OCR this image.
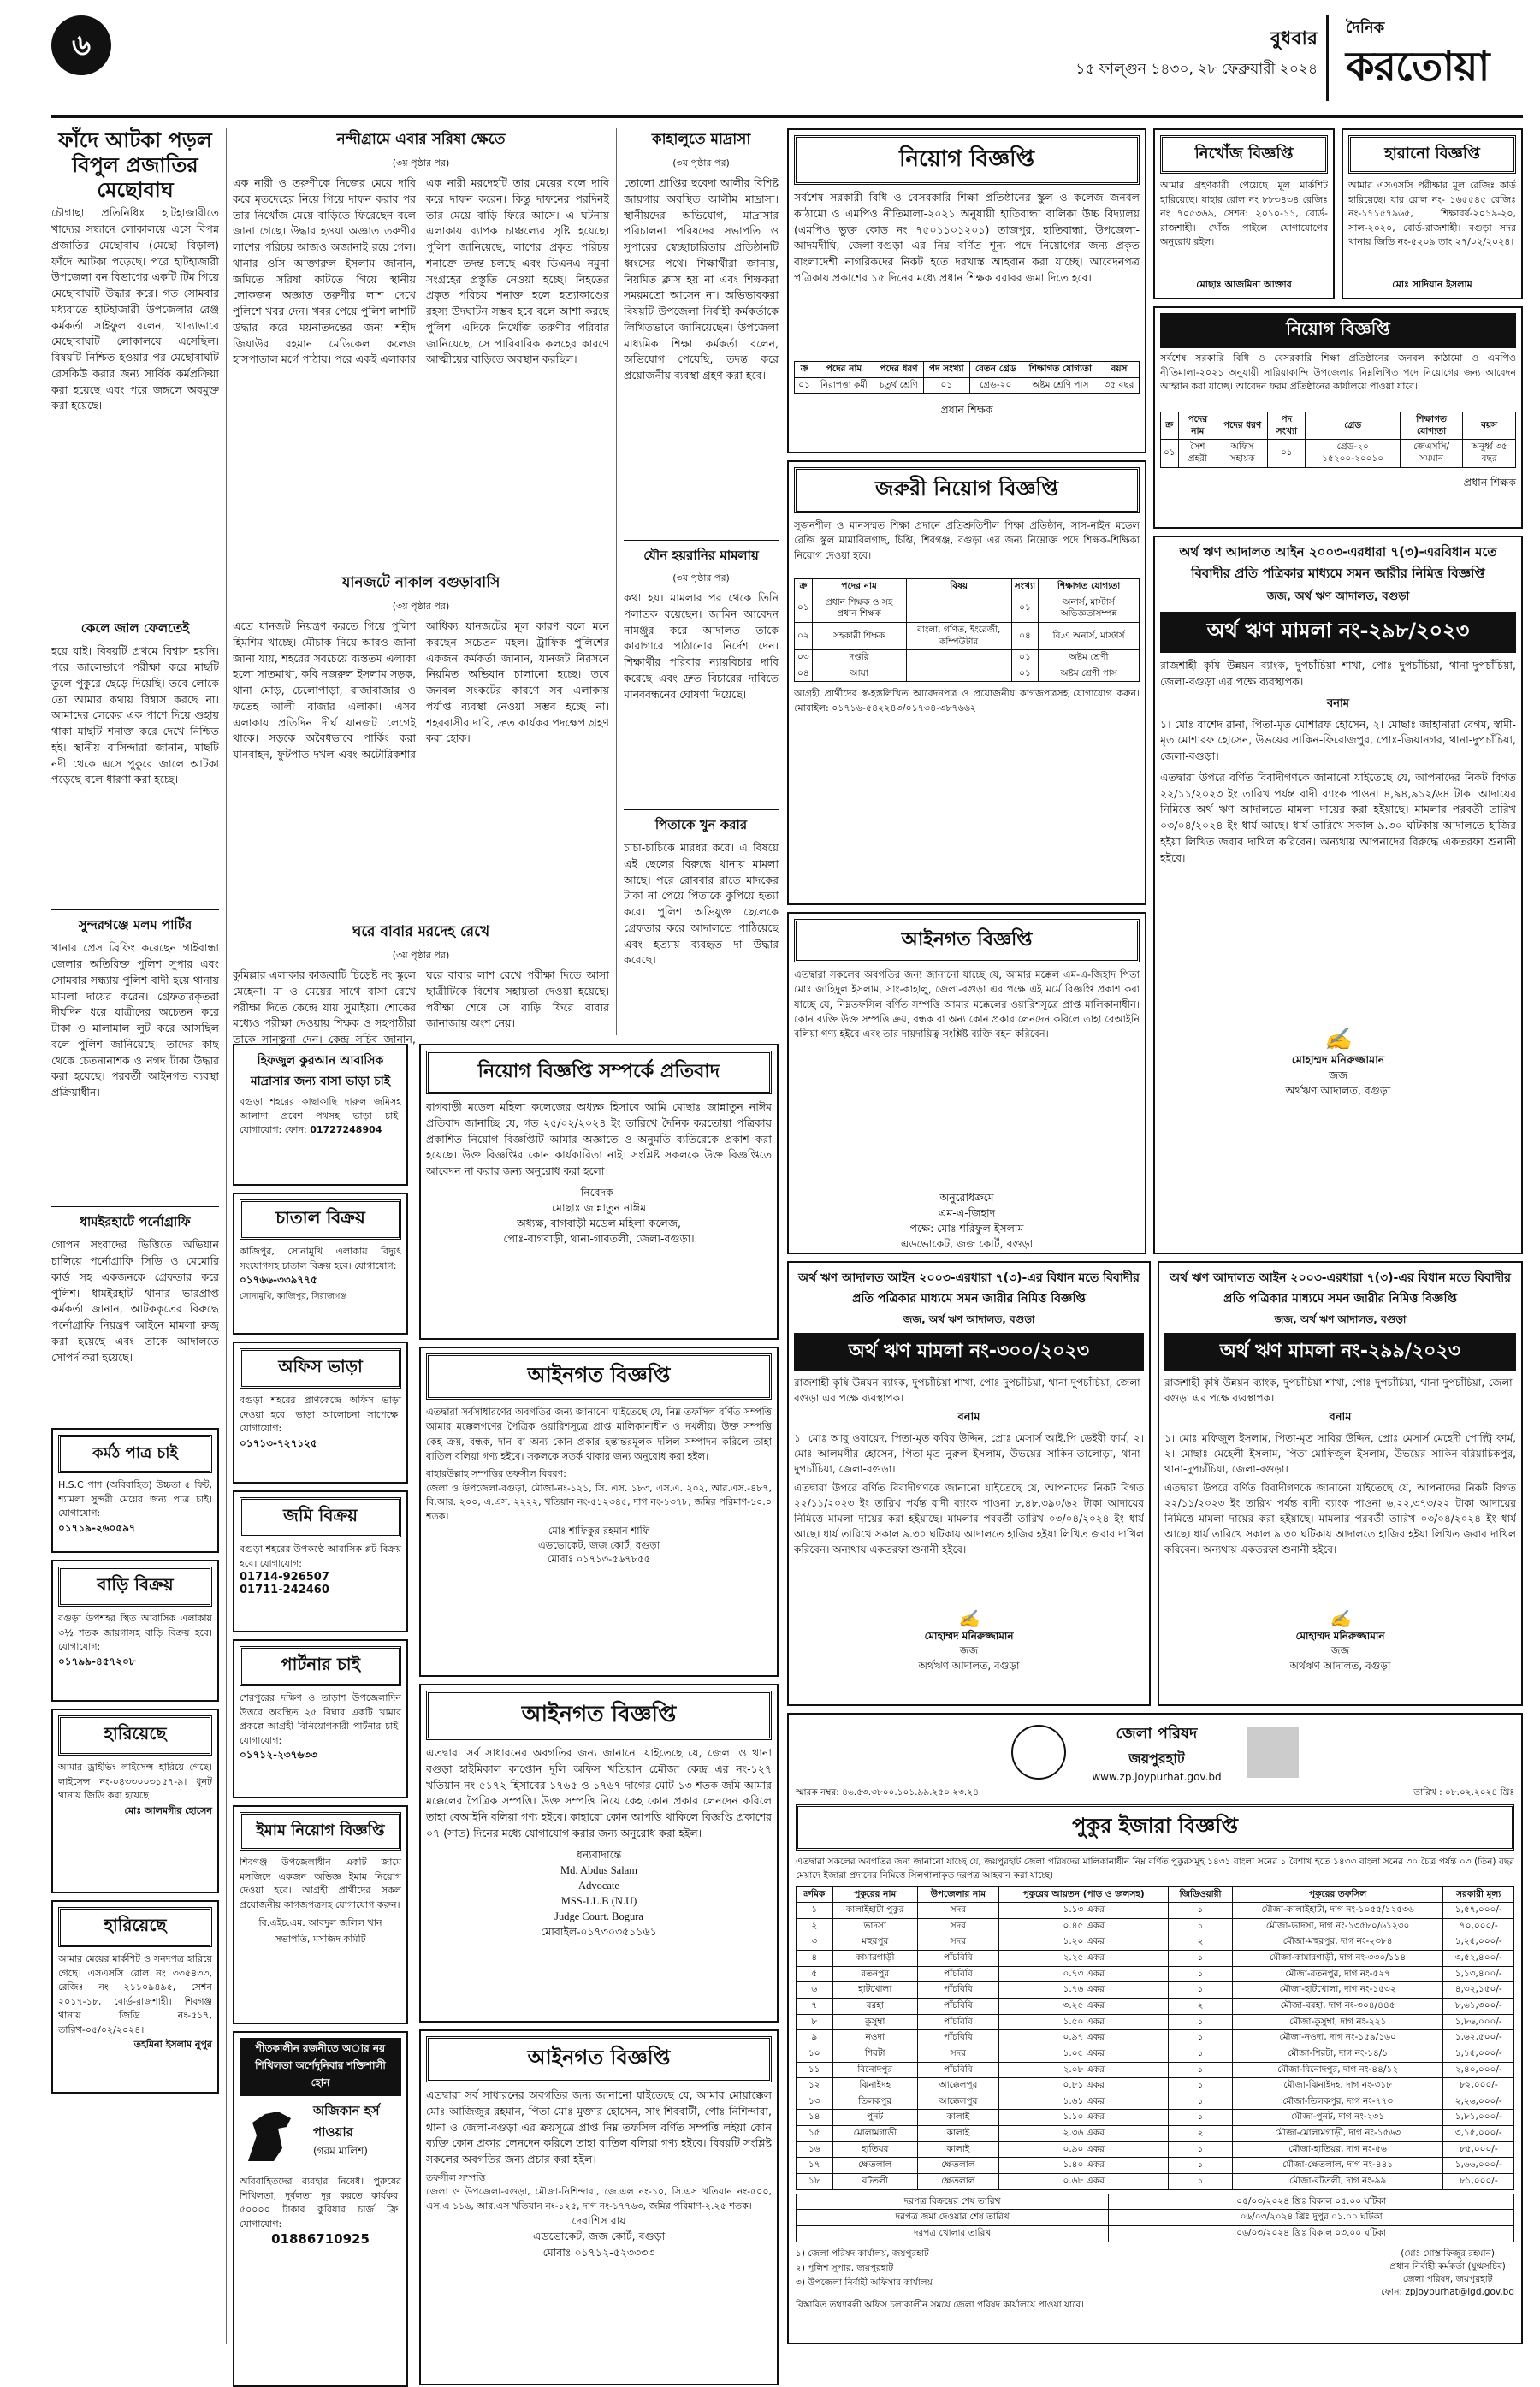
৬	বুধবার
১৫ ফাল্গুন ১৪৩০, ২৮ ফেব্রুয়ারী ২০২৪
দৈনিক
করতোয়া
ফাঁদে আটকা পড়ল বিপুল প্রজাতির মেছোবাঘ
চৌগাছা প্রতিনিধিঃ হাটহাজারীতে খাদ্যের সন্ধানে লোকালয়ে এসে বিপন্ন প্রজাতির মেছোবাঘ (মেছো বিড়াল) ফাঁদে আটকা পড়েছে। পরে হাটহাজারী উপজেলা বন বিভাগের একটি টিম গিয়ে মেছোবাঘটি উদ্ধার করে। গত সোমবার মধ্যরাতে হাটহাজারী উপজেলার রেঞ্জ কর্মকর্তা সাইফুল বলেন, খাদ্যাভাবে মেছোবাঘটি লোকালয়ে এসেছিল। বিষয়টি নিশ্চিত হওয়ার পর মেছোবাঘটি রেসকিউ করার জন্য সার্বিক কর্মপ্রক্রিয়া করা হয়েছে এবং পরে জঙ্গলে অবমুক্ত করা হয়েছে।
কেলে জাল ফেলতেই
হয়ে যাই। বিষয়টি প্রথমে বিশ্বাস হয়নি। পরে জালেভাগে পরীক্ষা করে মাছটি তুলে পুকুরে ছেড়ে দিয়েছি। তবে লোকে তো আমার কথায় বিশ্বাস করছে না। আমাদের লেকের এক পাশে দিয়ে গুহায় থাকা মাছটি শনাক্ত করে দেখে নিশ্চিত হই। স্থানীয় বাসিন্দারা জানান, মাছটি নদী থেকে এসে পুকুরে জালে আটকা পড়েছে বলে ধারণা করা হচ্ছে।
সুন্দরগঞ্জে মলম পার্টির
খানার প্রেস ব্রিফিং করেছেন গাইবান্ধা জেলার অতিরিক্ত পুলিশ সুপার এবং সোমবার সন্ধ্যায় পুলিশ বাদী হয়ে থানায় মামলা দায়ের করেন। গ্রেফতারকৃতরা দীর্ঘদিন ধরে যাত্রীদের অচেতন করে টাকা ও মালামাল লুট করে আসছিল বলে পুলিশ জানিয়েছে। তাদের কাছ থেকে চেতনানাশক ও নগদ টাকা উদ্ধার করা হয়েছে। পরবর্তী আইনগত ব্যবস্থা প্রক্রিয়াধীন।
ধামইরহাটে পর্নোগ্রাফি
গোপন সংবাদের ভিত্তিতে অভিযান চালিয়ে পর্নোগ্রাফি সিডি ও মেমোরি কার্ড সহ একজনকে গ্রেফতার করে পুলিশ। ধামইরহাট থানার ভারপ্রাপ্ত কর্মকর্তা জানান, আটককৃতের বিরুদ্ধে পর্নোগ্রাফি নিয়ন্ত্রণ আইনে মামলা রুজু করা হয়েছে এবং তাকে আদালতে সোপর্দ করা হয়েছে।
কর্মঠ পাত্র চাই
H.S.C পাশ (অবিবাহিত) উচ্চতা ৫ ফিট, শ্যামলা সুন্দরী মেয়ের জন্য পাত্র চাই। যোগাযোগ:
০১৭১৯-২৬০৫৯৭
বাড়ি বিক্রয়
বগুড়া উপশহর স্থিত আবাসিক এলাকায় ৩½ শতক জায়গাসহ বাড়ি বিক্রয় হবে। যোগাযোগ:
০১৭৯৯-৪৫৭২০৮
হারিয়েছে
আমার ড্রাইভিং লাইসেন্স হারিয়ে গেছে। লাইসেন্স নং-০৪৩৩০০৩১৫৭-৯। ধুনট থানায় জিডি করা হয়েছে।
মোঃ আলমগীর হোসেন
হারিয়েছে
আমার মেয়ের মার্কশিট ও সনদপত্র হারিয়ে গেছে। এসএসসি রোল নং ৩৩৫৪৩৩, রেজিঃ নং ২১১০৯৪৯৫, সেশন ২০১৭-১৮, বোর্ড-রাজশাহী। শিবগঞ্জ থানায় জিডি নং-৫১৭, তারিখ-০৫/০২/২০২৪।
তহমিনা ইসলাম নুপুর
নন্দীগ্রামে এবার সরিষা ক্ষেতে
(৩য় পৃষ্ঠার পর)
এক নারী ও তরুণীকে নিজের মেয়ে দাবি করে মৃতদেহের নিয়ে গিয়ে দাফন করার পর তার নিখোঁজ মেয়ে বাড়িতে ফিরেছেন বলে জানা গেছে। উদ্ধার হওয়া অজ্ঞাত তরুণীর লাশের পরিচয় আজও অজানাই রয়ে গেল। থানার ওসি আক্তারুল ইসলাম জানান, জমিতে সরিষা কাটতে গিয়ে স্থানীয় লোকজন অজ্ঞাত তরুণীর লাশ দেখে পুলিশে খবর দেন। খবর পেয়ে পুলিশ লাশটি উদ্ধার করে ময়নাতদন্তের জন্য শহীদ জিয়াউর রহমান মেডিকেল কলেজ হাসপাতাল মর্গে পাঠায়। পরে একই এলাকার এক নারী মরদেহটি তার মেয়ের বলে দাবি করে দাফন করেন। কিন্তু দাফনের পরদিনই তার মেয়ে বাড়ি ফিরে আসে। এ ঘটনায় এলাকায় ব্যাপক চাঞ্চল্যের সৃষ্টি হয়েছে। পুলিশ জানিয়েছে, লাশের প্রকৃত পরিচয় শনাক্তে তদন্ত চলছে এবং ডিএনএ নমুনা সংগ্রহের প্রস্তুতি নেওয়া হচ্ছে। নিহতের প্রকৃত পরিচয় শনাক্ত হলে হত্যাকাণ্ডের রহস্য উদঘাটন সম্ভব হবে বলে আশা করছে পুলিশ। এদিকে নিখোঁজ তরুণীর পরিবার জানিয়েছে, সে পারিবারিক কলহের কারণে আত্মীয়ের বাড়িতে অবস্থান করছিল।
যানজটে নাকাল বগুড়াবাসি
(৩য় পৃষ্ঠার পর)
এতে যানজট নিয়ন্ত্রণ করতে গিয়ে পুলিশ হিমশিম খাচ্ছে। মৌচাক নিয়ে আরও জানা জানা যায়, শহরের সবচেয়ে ব্যস্ততম এলাকা হলো সাতমাথা, কবি নজরুল ইসলাম সড়ক, থানা মোড়, চেলোপাড়া, রাজাবাজার ও ফতেহ আলী বাজার এলাকা। এসব এলাকায় প্রতিদিন দীর্ঘ যানজট লেগেই থাকে। সড়কে অবৈধভাবে পার্কিং করা যানবাহন, ফুটপাত দখল এবং অটোরিকশার আধিক্য যানজটের মূল কারণ বলে মনে করছেন সচেতন মহল। ট্রাফিক পুলিশের একজন কর্মকর্তা জানান, যানজট নিরসনে নিয়মিত অভিযান চালানো হচ্ছে। তবে জনবল সংকটের কারণে সব এলাকায় পর্যাপ্ত ব্যবস্থা নেওয়া সম্ভব হচ্ছে না। শহরবাসীর দাবি, দ্রুত কার্যকর পদক্ষেপ গ্রহণ করা হোক।
ঘরে বাবার মরদেহ রেখে
(৩য় পৃষ্ঠার পর)
কুমিল্লার এলাকার কাজবাটি চিড়েষ্ট নং স্কুলে মেহেনা। মা ও মেয়ের সাথে বাসা রেখে পরীক্ষা দিতে কেন্দ্রে যায় সুমাইয়া। শোকের মধ্যেও পরীক্ষা দেওয়ায় শিক্ষক ও সহপাঠীরা তাকে সান্ত্বনা দেন। কেন্দ্র সচিব জানান, ঘরে বাবার লাশ রেখে পরীক্ষা দিতে আসা ছাত্রীটিকে বিশেষ সহায়তা দেওয়া হয়েছে। পরীক্ষা শেষে সে বাড়ি ফিরে বাবার জানাজায় অংশ নেয়।
কাহালুতে মাদ্রাসা
(৩য় পৃষ্ঠার পর)
তোলো প্রাপ্তির ছবেদা আলীর বিশিষ্ট জায়গায় অবস্থিত আলীম মাদ্রাসা। স্থানীয়দের অভিযোগ, মাদ্রাসার পরিচালনা পরিষদের সভাপতি ও সুপারের স্বেচ্ছাচারিতায় প্রতিষ্ঠানটি ধ্বংসের পথে। শিক্ষার্থীরা জানায়, নিয়মিত ক্লাস হয় না এবং শিক্ষকরা সময়মতো আসেন না। অভিভাবকরা বিষয়টি উপজেলা নির্বাহী কর্মকর্তাকে লিখিতভাবে জানিয়েছেন। উপজেলা মাধ্যমিক শিক্ষা কর্মকর্তা বলেন, অভিযোগ পেয়েছি, তদন্ত করে প্রয়োজনীয় ব্যবস্থা গ্রহণ করা হবে।
যৌন হয়রানির মামলায়
(৩য় পৃষ্ঠার পর)
কথা হয়। মামলার পর থেকে তিনি পলাতক রয়েছেন। জামিন আবেদন নামঞ্জুর করে আদালত তাকে কারাগারে পাঠানোর নির্দেশ দেন। শিক্ষার্থীর পরিবার ন্যায়বিচার দাবি করেছে এবং দ্রুত বিচারের দাবিতে মানববন্ধনের ঘোষণা দিয়েছে।
পিতাকে খুন করার
চাচা-চাচিকে মারধর করে। এ বিষয়ে এই ছেলের বিরুদ্ধে থানায় মামলা আছে। পরে রোববার রাতে মাদকের টাকা না পেয়ে পিতাকে কুপিয়ে হত্যা করে। পুলিশ অভিযুক্ত ছেলেকে গ্রেফতার করে আদালতে পাঠিয়েছে এবং হত্যায় ব্যবহৃত দা উদ্ধার করেছে।
হিফজুল কুরআন আবাসিক মাদ্রাসার জন্য বাসা ভাড়া চাই
বগুড়া শহরের কাছাকাছি দারুল জমিসহ আলাদা প্রবেশ পথসহ ভাড়া চাই। যোগাযোগ: ফোন: 01727248904
চাতাল বিক্রয়
কাজিপুর, সোনামুখি এলাকায় বিদ্যুৎ সংযোগসহ চাতাল বিক্রয় হবে। যোগাযোগ:
০১৭৬৬-৩৩৯৭৭৫
সোনামুখি, কাজিপুর, সিরাজগঞ্জ
অফিস ভাড়া
বগুড়া শহরের প্রাণকেন্দ্রে অফিস ভাড়া দেওয়া হবে। ভাড়া আলোচনা সাপেক্ষে। যোগাযোগ:
০১৭১৩-৭২৭১২৫
জমি বিক্রয়
বগুড়া শহরের উপকণ্ঠে আবাসিক প্লট বিক্রয় হবে। যোগাযোগ:
01714-926507
01711-242460
পার্টনার চাই
শেরপুরের দক্ষিণ ও তাড়াশ উপজেলাদিন উত্তরে অবস্থিত ২৫ বিঘার একটি খামার প্রকল্পে আগ্রহী বিনিয়োগকারী পার্টনার চাই। যোগাযোগ:
০১৭১২-২৩৭৬৩৩
ইমাম নিয়োগ বিজ্ঞপ্তি
শিবগঞ্জ উপজেলাধীন একটি জামে মসজিদে একজন অভিজ্ঞ ইমাম নিয়োগ দেওয়া হবে। আগ্রহী প্রার্থীদের সকল প্রয়োজনীয় কাগজপত্রসহ যোগাযোগ করুন।
বি.এইচ.এম. আবদুল জলিল খান
সভাপতি, মসজিদ কমিটি
শীতকালীন রজনীতে অার নয় শিথিলতা অর্শেদুনিবার শক্তিশালী হোন
অজিকান হর্স পাওয়ার
(গরম মালিশ)
অবিবাহিতদের ব্যবহার নিষেধ। পুরুষের শিথিলতা, দুর্বলতা দূর করতে কার্যকর। ৫০০০০ টাকার কুরিয়ার চার্জ ফ্রি। যোগাযোগ:
01886710925
নিয়োগ বিজ্ঞপ্তি সম্পর্কে প্রতিবাদ
বাগবাড়ী মডেল মহিলা কলেজের অধ্যক্ষ হিসাবে আমি মোছাঃ জান্নাতুন নাঈম প্রতিবাদ জানাচ্ছি যে, গত ২৫/০২/২০২৪ ইং তারিখে দৈনিক করতোয়া পত্রিকায় প্রকাশিত নিয়োগ বিজ্ঞপ্তিটি আমার অজ্ঞাতে ও অনুমতি ব্যতিরেকে প্রকাশ করা হয়েছে। উক্ত বিজ্ঞপ্তির কোন কার্যকারিতা নাই। সংশ্লিষ্ট সকলকে উক্ত বিজ্ঞপ্তিতে আবেদন না করার জন্য অনুরোধ করা হলো।
নিবেদক-
মোছাঃ জান্নাতুন নাঈম
অধ্যক্ষ, বাগবাড়ী মডেল মহিলা কলেজ,
পোঃ-বাগবাড়ী, থানা-গাবতলী, জেলা-বগুড়া।
আইনগত বিজ্ঞপ্তি
এতদ্বারা সর্বসাধারণের অবগতির জন্য জানানো যাইতেছে যে, নিম্ন তফসিল বর্ণিত সম্পত্তি আমার মক্কেলগণের পৈত্রিক ওয়ারিশসূত্রে প্রাপ্ত মালিকানাধীন ও দখলীয়। উক্ত সম্পত্তি কেহ ক্রয়, বন্ধক, দান বা অন্য কোন প্রকার হস্তান্তরমূলক দলিল সম্পাদন করিলে তাহা বাতিল বলিয়া গণ্য হইবে। সকলকে সতর্ক থাকার জন্য অনুরোধ করা হইল।
বাহারউল্লাহ সম্পত্তির তফসীল বিবরণ:
জেলা ও উপজেলা-বগুড়া, মৌজা-নং-১২১, সি. এস. ১৮৩, এস.এ. ২০২, আর.এস.-৪৮৭, বি.আর. ২০০, এ.এস. ২২২২, খতিয়ান নং-৫১২৩৪৫, দাগ নং-১৩৭৮, জমির পরিমাণ-১০.০ শতক।
মোঃ শাফিকুর রহমান শাফি
এডভোকেট, জজ কোর্ট, বগুড়া
মোবাঃ ০১৭১৩-৫৬৭৮৫৫
আইনগত বিজ্ঞপ্তি
এতদ্বারা সর্ব সাধারনের অবগতির জন্য জানানো যাইতেছে যে, জেলা ও থানা বগুড়া হাইমিকাল কাপ্তোন দুলি অফিস খতিয়ান মেৌজা কেন্দ্র এর নং-১২৭ খতিয়ান নং-৫১৭২ হিসাবের ১৭৬৫ ও ১৭৬৭ দাগের মোট ১৩ শতক জমি আমার মক্কেলের পৈত্রিক সম্পত্তি। উক্ত সম্পত্তি নিয়ে কেহ কোন প্রকার লেনদেন করিলে তাহা বেআইনি বলিয়া গণ্য হইবে। কাহারো কোন আপত্তি থাকিলে বিজ্ঞপ্তি প্রকাশের ০৭ (সাত) দিনের মধ্যে যোগাযোগ করার জন্য অনুরোধ করা হইল।
ধন্যবাদান্তে
Md. Abdus Salam
Advocate
MSS-LL.B (N.U)
Judge Court. Bogura
মোবাইল-০১৭৩০৩৫১১৬১
আইনগত বিজ্ঞপ্তি
এতদ্বারা সর্ব সাধারনের অবগতির জন্য জানানো যাইতেছে যে, আমার মোয়াক্কেল মোঃ আজিজুর রহমান, পিতা-মোঃ মুক্তার হোসেন, সাং-শিববাটী, পোঃ-নিশিন্দারা, থানা ও জেলা-বগুড়া এর ক্রয়সূত্রে প্রাপ্ত নিম্ন তফসিল বর্ণিত সম্পত্তি লইয়া কোন ব্যক্তি কোন প্রকার লেনদেন করিলে তাহা বাতিল বলিয়া গণ্য হইবে। বিষয়টি সংশ্লিষ্ট সকলের অবগতির জন্য প্রচার করা হইল।
তফসীল সম্পত্তি
জেলা ও উপজেলা-বগুড়া, মৌজা-নিশিন্দারা, জে.এল নং-১০, সি.এস খতিয়ান নং-৫০০, এস.এ ১১৬, আর.এস খতিয়ান নং-১২৫, দাগ নং-১৭৭৬৩, জমির পরিমাণ-২.২৫ শতক।
দেবাশিস রায়
এডভোকেট, জজ কোর্ট, বগুড়া
মোবাঃ ০১৭১২-৫২৩৩৩৩
নিয়োগ বিজ্ঞপ্তি
সর্বশেষ সরকারী বিধি ও বেসরকারি শিক্ষা প্রতিষ্ঠানের স্কুল ও কলেজ জনবল কাঠামো ও এমপিও নীতিমালা-২০২১ অনুযায়ী হাতিবান্ধা বালিকা উচ্চ বিদ্যালয় (এমপিও ভুক্ত কোড নং ৭৫০১১০১২০১) তাজপুর, হাতিবান্ধা, উপজেলা-আদমদীঘি, জেলা-বগুড়া এর নিম্ন বর্ণিত শূন্য পদে নিয়োগের জন্য প্রকৃত বাংলাদেশী নাগরিকদের নিকট হতে দরখাস্ত আহবান করা যাচ্ছে। আবেদনপত্র পত্রিকায় প্রকাশের ১৫ দিনের মধ্যে প্রধান শিক্ষক বরাবর জমা দিতে হবে।
ক্র	পদের নাম	পদের ধরণ	পদ সংখ্যা	বেতন গ্রেড	শিক্ষাগত যোগ্যতা	বয়স
০১	নিরাপত্তা কর্মী	চতুর্থ শ্রেণি	০১	গ্রেড-২০	অষ্টম শ্রেণি পাস	৩৫ বছর
প্রধান শিক্ষক
নিখোঁজ বিজ্ঞপ্তি
আমার গ্রহণকারী পেয়েছে মূল মার্কশিট হারিয়েছে। যাহার রোল নং ৮৮৩৪৩৪ রেজিঃ নং ৭০৫৩৬৯, সেশন: ২০১০-১১, বোর্ড-রাজশাহী। খোঁজ পাইলে যোগাযোগের অনুরোধ রইল।
মোছাঃ আজমিনা আক্তার
হারানো বিজ্ঞপ্তি
আমার এসএসসি পরীক্ষার মূল রেজিঃ কার্ড হারিয়েছে। যার রোল নং- ১৬৫৫৪৫ রেজিঃ নং-১৭১৫৭৯৬৫, শিক্ষাবর্ষ-২০১৯-২০, সাল-২০২০, বোর্ড-রাজশাহী। বগুড়া সদর থানায় জিডি নং-৫২০৯ তাং ২৭/০২/২০২৪।
মোঃ সাদিয়ান ইসলাম
নিয়োগ বিজ্ঞপ্তি
সর্বশেষ সরকারি বিধি ও বেসরকারি শিক্ষা প্রতিষ্ঠানের জনবল কাঠামো ও এমপিও নীতিমালা-২০২১ অনুযায়ী সারিয়াকান্দি উপজেলার নিম্নলিখিত পদে নিয়োগের জন্য আবেদন আহ্বান করা যাচ্ছে। আবেদন ফরম প্রতিষ্ঠানের কার্যালয়ে পাওয়া যাবে।
ক্র	পদের নাম	পদের ধরণ	পদ সংখ্যা	গ্রেড	শিক্ষাগত যোগ্যতা	বয়স
০১	সৈশ প্রহরী	অফিস সহায়ক	০১	গ্রেড-২০ ১৫২০০-২০০১০	জেএসসি/সমমান	অনূর্ধ্ব ৩৫ বছর
প্রধান শিক্ষক
জরুরী নিয়োগ বিজ্ঞপ্তি
সুজনশীল ও মানসম্মত শিক্ষা প্রদানে প্রতিশ্রুতিশীল শিক্ষা প্রতিষ্ঠান, সাস-নাইন মডেল রেজি স্কুল মামাবিলগাছ, চিশ্তি, শিবগঞ্জ, বগুড়া এর জন্য নিম্নোক্ত পদে শিক্ষক-শিক্ষিকা নিয়োগ দেওয়া হবে।
ক্র	পদের নাম	বিষয়	সংখ্যা	শিক্ষাগত যোগ্যতা
০১	প্রধান শিক্ষক ও সহ প্রধান শিক্ষক		০১	অনার্স, মাস্টার্স অভিজ্ঞতাসম্পন্ন
০২	সহকারী শিক্ষক	বাংলা, গণিত, ইংরেজী, কম্পিউটার	০৪	বি.এ অনার্স, মাস্টার্স
০৩	দপ্তরি		০১	অষ্টম শ্রেণী
০৪	আয়া		০১	অষ্টম শ্রেণী পাস
আগ্রহী প্রার্থীদের স্ব-হস্তলিখিত আবেদনপত্র ও প্রয়োজনীয় কাগজপত্রসহ যোগাযোগ করুন। মোবাইল: ০১৭১৬-৫৪২২৪৩/০১৭৩৪-৩৮৭৬৬২
আইনগত বিজ্ঞপ্তি
এতদ্বারা সকলের অবগতির জন্য জানানো যাচ্ছে যে, আমার মক্কেল এম-এ-জিহাদ পিতা মোঃ জাহিদুল ইসলাম, সাং-কাহালু, জেলা-বগুড়া এর পক্ষে এই মর্মে বিজ্ঞপ্তি প্রকাশ করা যাচ্ছে যে, নিম্নতফসিল বর্ণিত সম্পত্তি আমার মক্কেলের ওয়ারিশসূত্রে প্রাপ্ত মালিকানাধীন। কোন ব্যক্তি উক্ত সম্পত্তি ক্রয়, বন্ধক বা অন্য কোন প্রকার লেনদেন করিলে তাহা বেআইনি বলিয়া গণ্য হইবে এবং তার দায়দায়িত্ব সংশ্লিষ্ট ব্যক্তি বহন করিবেন।
অনুরোধক্রমে
এম-এ-জিহাদ
পক্ষে: মোঃ শরিফুল ইসলাম
এডভোকেট, জজ কোর্ট, বগুড়া
অর্থ ঋণ আদালত আইন ২০০৩-এরধারা ৭(৩)-এরবিধান মতে বিবাদীর প্রতি পত্রিকার মাধ্যমে সমন জারীর নিমিত্ত বিজ্ঞপ্তি
জজ, অর্থ ঋণ আদালত, বগুড়া
অর্থ ঋণ মামলা নং-২৯৮/২০২৩
রাজশাহী কৃষি উন্নয়ন ব্যাংক, দুপচাঁচিয়া শাখা, পোঃ দুপচাঁচিয়া, থানা-দুপচাঁচিয়া, জেলা-বগুড়া এর পক্ষে ব্যবস্থাপক।
বনাম
১। মোঃ রাশেদ রানা, পিতা-মৃত মোশারফ হোসেন, ২। মোছাঃ জাহানারা বেগম, স্বামী-মৃত মোশারফ হোসেন, উভয়ের সাকিন-ফিরোজপুর, পোঃ-জিয়ানগর, থানা-দুপচাঁচিয়া, জেলা-বগুড়া।
এতদ্বারা উপরে বর্ণিত বিবাদীগণকে জানানো যাইতেছে যে, আপনাদের নিকট বিগত ২২/১১/২০২৩ ইং তারিখ পর্যন্ত বাদী ব্যাংক পাওনা ৪,৯৪,৯১২/৬৪ টাকা আদায়ের নিমিত্তে অর্থ ঋণ আদালতে মামলা দায়ের করা হইয়াছে। মামলার পরবর্তী তারিখ ০৩/০৪/২০২৪ ইং ধার্য আছে। ধার্য তারিখে সকাল ৯.৩০ ঘটিকায় আদালতে হাজির হইয়া লিখিত জবাব দাখিল করিবেন। অন্যথায় আপনাদের বিরুদ্ধে একতরফা শুনানী হইবে।
✍
মোহাম্মদ মনিরুজ্জামান
জজ
অর্থঋণ আদালত, বগুড়া
অর্থ ঋণ আদালত আইন ২০০৩-এরধারা ৭(৩)-এর বিধান মতে বিবাদীর প্রতি পত্রিকার মাধ্যমে সমন জারীর নিমিত্ত বিজ্ঞপ্তি
জজ, অর্থ ঋণ আদালত, বগুড়া
অর্থ ঋণ মামলা নং-৩০০/২০২৩
রাজশাহী কৃষি উন্নয়ন ব্যাংক, দুপচাঁচিয়া শাখা, পোঃ দুপচাঁচিয়া, থানা-দুপচাঁচিয়া, জেলা-বগুড়া এর পক্ষে ব্যবস্থাপক।
বনাম
১। মোঃ আবু ওবায়েদ, পিতা-মৃত কবির উদ্দিন, প্রোঃ মেসার্স আই.পি ডেইরী ফার্ম, ২। মোঃ আলমগীর হোসেন, পিতা-মৃত নুরুল ইসলাম, উভয়ের সাকিন-তালোড়া, থানা-দুপচাঁচিয়া, জেলা-বগুড়া।
এতদ্বারা উপরে বর্ণিত বিবাদীগণকে জানানো যাইতেছে যে, আপনাদের নিকট বিগত ২২/১১/২০২৩ ইং তারিখ পর্যন্ত বাদী ব্যাংক পাওনা ৮,৪৮,৩৯০/৬২ টাকা আদায়ের নিমিত্তে মামলা দায়ের করা হইয়াছে। মামলার পরবর্তী তারিখ ০৩/০৪/২০২৪ ইং ধার্য আছে। ধার্য তারিখে সকাল ৯.৩০ ঘটিকায় আদালতে হাজির হইয়া লিখিত জবাব দাখিল করিবেন। অন্যথায় একতরফা শুনানী হইবে।
✍
মোহাম্মদ মনিরুজ্জামান
জজ
অর্থঋণ আদালত, বগুড়া
অর্থ ঋণ আদালত আইন ২০০৩-এরধারা ৭(৩)-এর বিধান মতে বিবাদীর প্রতি পত্রিকার মাধ্যমে সমন জারীর নিমিত্ত বিজ্ঞপ্তি
জজ, অর্থ ঋণ আদালত, বগুড়া
অর্থ ঋণ মামলা নং-২৯৯/২০২৩
রাজশাহী কৃষি উন্নয়ন ব্যাংক, দুপচাঁচিয়া শাখা, পোঃ দুপচাঁচিয়া, থানা-দুপচাঁচিয়া, জেলা-বগুড়া এর পক্ষে ব্যবস্থাপক।
বনাম
১। মোঃ মফিজুল ইসলাম, পিতা-মৃত সাবির উদ্দিন, প্রোঃ মেসার্স মেহেদী পোল্ট্রি ফার্ম, ২। মোছাঃ মেহেলী ইসলাম, পিতা-মোফিজুল ইসলাম, উভয়ের সাকিন-বরিয়াচিকপুর, থানা-দুপচাঁচিয়া, জেলা-বগুড়া।
এতদ্বারা উপরে বর্ণিত বিবাদীগণকে জানানো যাইতেছে যে, আপনাদের নিকট বিগত ২২/১১/২০২৩ ইং তারিখ পর্যন্ত বাদী ব্যাংক পাওনা ৬,২২,৩৭৩/২২ টাকা আদায়ের নিমিত্তে মামলা দায়ের করা হইয়াছে। মামলার পরবর্তী তারিখ ০৩/০৪/২০২৪ ইং ধার্য আছে। ধার্য তারিখে সকাল ৯.৩০ ঘটিকায় আদালতে হাজির হইয়া লিখিত জবাব দাখিল করিবেন। অন্যথায় একতরফা শুনানী হইবে।
✍
মোহাম্মদ মনিরুজ্জামান
জজ
অর্থঋণ আদালত, বগুড়া
জেলা পরিষদ
জয়পুরহাট
www.zp.joypurhat.gov.bd
স্মারক নম্বর: ৪৬.৫৩.৩৮০০.১০১.৯৯.২৫০.২৩.২৪	তারিখ : ০৮.০২.২০২৪ খ্রিঃ
পুকুর ইজারা বিজ্ঞপ্তি
এতদ্বারা সকলের অবগতির জন্য জানানো যাচ্ছে যে, জয়পুরহাট জেলা পরিষদের মালিকানাধীন নিম্ন বর্ণিত পুকুরসমূহ ১৪৩১ বাংলা সনের ১ বৈশাখ হতে ১৪৩৩ বাংলা সনের ৩০ চৈত্র পর্যন্ত ০৩ (তিন) বছর মেয়াদে ইজারা প্রদানের নিমিত্তে সিলগালাকৃত দরপত্র আহবান করা যাচ্ছে।
ক্রমিক	পুকুরের নাম	উপজেলার নাম	পুকুরের আয়তন (পাড় ও জলসহ)	জিডিওয়ারী	পুকুরের তফসিল	সরকারী মূল্য
১	কালাইহাটা পুকুর	সদর	১.১৩ একর	১	মৌজা-কালাইহাটা, দাগ নং-১০৫৫/১২৫৩৬	১,৫৭,০০০/-
২	ভাদসা	সদর	০.৪৫ একর	১	মৌজা-ভাদসা, দাগ নং-১৩৫৮০/৬১২৩০	৭০,০০০/-
৩	মহুরপুর	সদর	১.২০ একর	২	মৌজা-মহুরপুর, দাগ নং-২৩৮৪	১,২৫,০০০/-
৪	কামারগাড়ী	পাঁচবিবি	২.২৫ একর	১	মৌজা-কামারগাড়ী, দাগ নং-৩৩০/১১৪	৩,৫২,৪০০/-
৫	রতনপুর	পাঁচবিবি	০.৭৩ একর	১	মৌজা-রতনপুর, দাগ নং-৫২৭	১,১৩,৪০০/-
৬	হাটখোলা	পাঁচবিবি	১.৭৬ একর	১	মৌজা-হাটখোলা, দাগ নং-১৫৩২	৪,৩২,১৫০/-
৭	বরহা	পাঁচবিবি	৩.২৫ একর	২	মৌজা-বরহা, দাগ নং-৩০৪/৪৪৫	৮,৬১,৩০০/-
৮	কুসুম্বা	পাঁচবিবি	১.৫০ একর	১	মৌজা-কুসুম্বা, দাগ নং-২২১	১,৮৬,০০০/-
৯	নওদা	পাঁচবিবি	০.৯৭ একর	১	মৌজা-নওদা, দাগ নং-১৫৯/১৬০	১,৬২,৫০০/-
১০	শিরটা	সদর	১.০৫ একর	১	মৌজা-শিরটা, দাগ নং-১৪/১	১,১৫,০০০/-
১১	বিনোদপুর	পাঁচবিবি	২.০৮ একর	১	মৌজা-বিনোদপুর, দাগ নং-৪৪/১২	২,৪০,০০০/-
১২	ঝিনাইদহ	আক্কেলপুর	০.৮১ একর	১	মৌজা-ঝিনাইদহ, দাগ নং-৩১৮	৮২,০০০/-
১৩	তিলকপুর	আক্কেলপুর	১.৬১ একর	১	মৌজা-তিলকপুর, দাগ নং-৭৭৩	২,২৬,০০০/-
১৪	পুনট	কালাই	১.১০ একর	১	মৌজা-পুনট, দাগ নং-২৩১	১,৮১,০০০/-
১৫	মোলামগাড়ী	কালাই	২.৩৬ একর	২	মৌজা-মোলামগাড়ী, দাগ নং-১৫৬৩	৩,১৫,০০০/-
১৬	হাতিয়র	কালাই	০.৯০ একর	১	মৌজা-হাতিয়র, দাগ নং-৫৬	৮৫,০০০/-
১৭	ক্ষেতলাল	ক্ষেতলাল	১.৪০ একর	১	মৌজা-ক্ষেতলাল, দাগ নং-৪৪১	১,৬৬,০০০/-
১৮	বটতলী	ক্ষেতলাল	০.৬৮ একর	১	মৌজা-বটতলী, দাগ নং-৯৯	৮১,০০০/-
দরপত্র বিক্রয়ের শেষ তারিখ	০৫/০৩/২০২৪ খ্রিঃ বিকাল ০৫.০০ ঘটিকা
দরপত্র জমা দেওয়ার শেষ তারিখ	০৬/০৩/২০২৪ খ্রিঃ দুপুর ০১.০০ ঘটিকা
দরপত্র খোলার তারিখ	০৬/০৩/২০২৪ খ্রিঃ বিকাল ০৩.০০ ঘটিকা
১) জেলা পরিষদ কার্যালয়, জয়পুরহাট
২) পুলিশ সুপার, জয়পুরহাট
৩) উপজেলা নির্বাহী অফিসার কার্যালয়
(মোঃ মোস্তাফিজুর রহমান)
প্রধান নির্বাহী কর্মকর্তা (যুগ্মসচিব)
জেলা পরিষদ, জয়পুরহাট
ফোন: zpjoypurhat@lgd.gov.bd
বিস্তারিত তথ্যাবলী অফিস চলাকালীন সময়ে জেলা পরিষদ কার্যালয়ে পাওয়া যাবে।
